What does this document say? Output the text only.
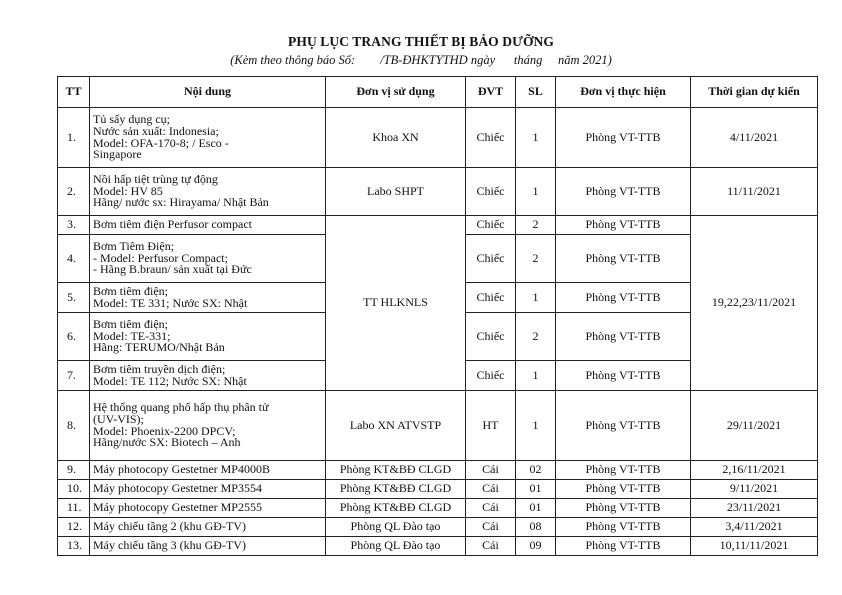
PHỤ LỤC TRANG THIẾT BỊ BẢO DƯỠNG
(Kèm theo thông báo Số:        /TB-ĐHKTYTHD ngày      tháng     năm 2021)
TT	Nội dung	Đơn vị sử dụng	ĐVT	SL	Đơn vị thực hiện	Thời gian dự kiến
1.	Tủ sấy dụng cụ;
Nước sản xuất: Indonesia;
Model: OFA-170-8; / Esco -
Singapore	Khoa XN	Chiếc	1	Phòng VT-TTB	4/11/2021
2.	Nồi hấp tiệt trùng tự động
Model: HV 85
Hãng/ nước sx: Hirayama/ Nhật Bản	Labo SHPT	Chiếc	1	Phòng VT-TTB	11/11/2021
3.	Bơm tiêm điện Perfusor compact	TT HLKNLS	Chiếc	2	Phòng VT-TTB	19,22,23/11/2021
4.	Bơm Tiêm Điện;
- Model: Perfusor Compact;
- Hãng B.braun/ sản xuất tại Đức		Chiếc	2	Phòng VT-TTB	
5.	Bơm tiêm điện;
Model: TE 331; Nước SX: Nhật		Chiếc	1	Phòng VT-TTB	
6.	Bơm tiêm điện;
Model: TE-331;
Hãng: TERUMO/Nhật Bản		Chiếc	2	Phòng VT-TTB	
7.	Bơm tiêm truyền dịch điện;
Model: TE 112; Nước SX: Nhật		Chiếc	1	Phòng VT-TTB	
8.	Hệ thống quang phổ hấp thụ phân tử
(UV-VIS);
Model: Phoenix-2200 DPCV;
Hãng/nước SX: Biotech – Anh	Labo XN ATVSTP	HT	1	Phòng VT-TTB	29/11/2021
9.	Máy photocopy Gestetner MP4000B	Phòng KT&BĐ CLGD	Cái	02	Phòng VT-TTB	2,16/11/2021
10.	Máy photocopy Gestetner MP3554	Phòng KT&BĐ CLGD	Cái	01	Phòng VT-TTB	9/11/2021
11.	Máy photocopy Gestetner MP2555	Phòng KT&BĐ CLGD	Cái	01	Phòng VT-TTB	23/11/2021
12.	Máy chiếu tầng 2 (khu GĐ-TV)	Phòng QL Đào tạo	Cái	08	Phòng VT-TTB	3,4/11/2021
13.	Máy chiếu tầng 3 (khu GĐ-TV)	Phòng QL Đào tạo	Cái	09	Phòng VT-TTB	10,11/11/2021
